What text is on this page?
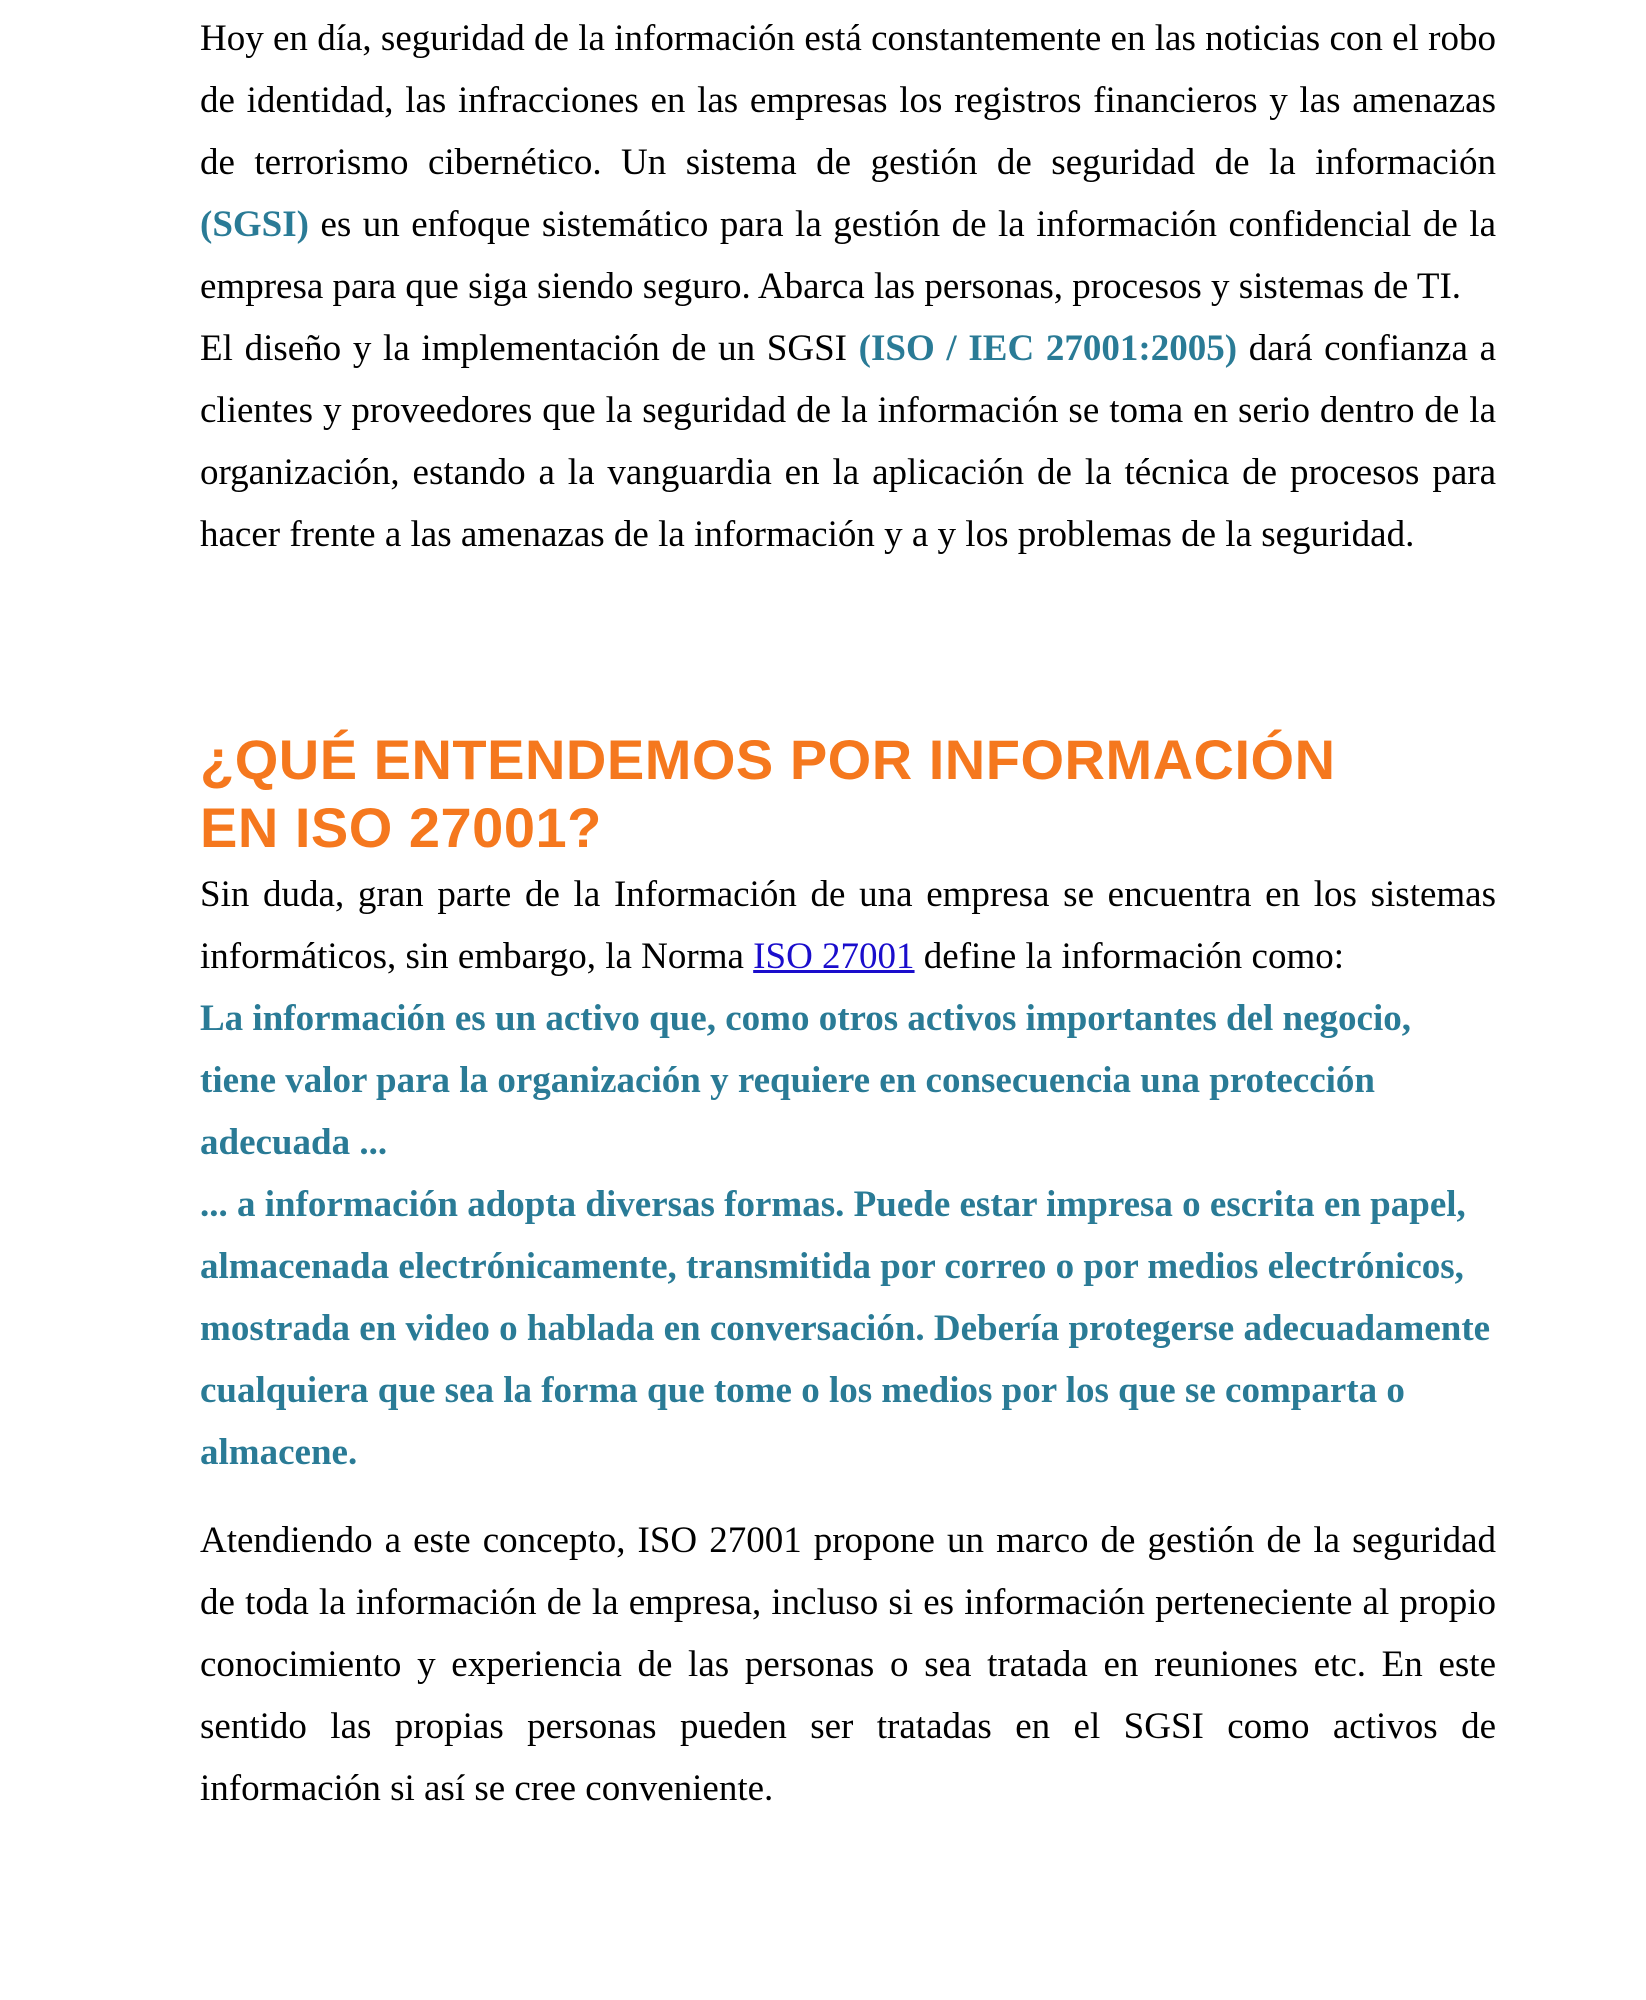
Hoy en día, seguridad de la información está constantemente en las noticias con el robo de identidad, las infracciones en las empresas los registros financieros y las amenazas de terrorismo cibernético. Un sistema de gestión de seguridad de la información (SGSI) es un enfoque sistemático para la gestión de la información confidencial de la empresa para que siga siendo seguro. Abarca las personas, procesos y sistemas de TI.

El diseño y la implementación de un SGSI (ISO / IEC 27001:2005) dará confianza a clientes y proveedores que la seguridad de la información se toma en serio dentro de la organización, estando a la vanguardia en la aplicación de la técnica de procesos para hacer frente a las amenazas de la información y a y los problemas de la seguridad.

¿QUÉ ENTENDEMOS POR INFORMACIÓN
EN ISO 27001?

Sin duda, gran parte de la Información de una empresa se encuentra en los sistemas informáticos, sin embargo, la Norma ISO 27001 define la información como:

La información es un activo que, como otros activos importantes del negocio, tiene valor para la organización y requiere en consecuencia una protección adecuada ...
... a información adopta diversas formas. Puede estar impresa o escrita en papel, almacenada electrónicamente, transmitida por correo o por medios electrónicos, mostrada en video o hablada en conversación. Debería protegerse adecuadamente cualquiera que sea la forma que tome o los medios por los que se comparta o almacene.

Atendiendo a este concepto, ISO 27001 propone un marco de gestión de la seguridad de toda la información de la empresa, incluso si es información perteneciente al propio conocimiento y experiencia de las personas o sea tratada en reuniones etc. En este sentido las propias personas pueden ser tratadas en el SGSI como activos de información si así se cree conveniente.
